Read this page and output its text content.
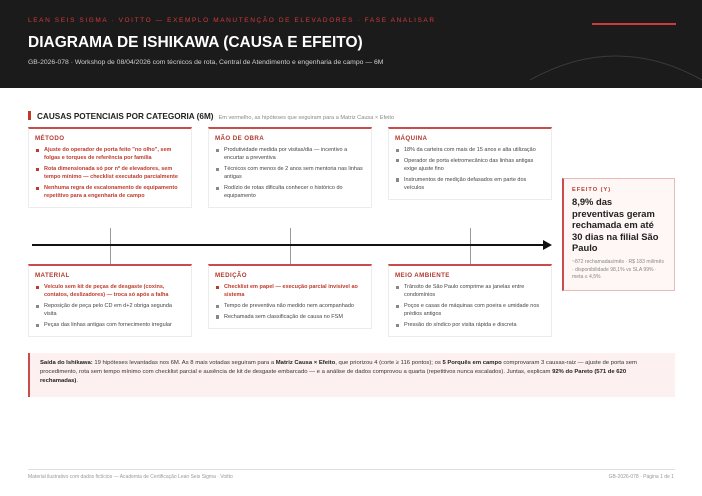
LEAN SEIS SIGMA · VOITTO — EXEMPLO MANUTENÇÃO DE ELEVADORES · FASE ANALISAR
DIAGRAMA DE ISHIKAWA (CAUSA E EFEITO)
GB-2026-078 · Workshop de 08/04/2026 com técnicos de rota, Central de Atendimento e engenharia de campo — 6M
CAUSAS POTENCIAIS POR CATEGORIA (6M) Em vermelho, as hipóteses que seguiram para a Matriz Causa × Efeito
MÉTODO
Ajuste do operador de porta feito "no olho", sem folgas e torques de referência por família
Rota dimensionada só por nº de elevadores, sem tempo mínimo — checklist executado parcialmente
Nenhuma regra de escalonamento de equipamento repetitivo para a engenharia de campo
MÃO DE OBRA
Produtividade medida por visitas/dia — incentivo a encurtar a preventiva
Técnicos com menos de 2 anos sem mentoria nas linhas antigas
Rodízio de rotas dificulta conhecer o histórico do equipamento
MÁQUINA
18% da carteira com mais de 15 anos e alta utilização
Operador de porta eletromecânico das linhas antigas exige ajuste fino
Instrumentos de medição defasados em parte dos veículos
MATERIAL
Veículo sem kit de peças de desgaste (coxins, contatos, deslizadores) — troca só após a falha
Reposição de peça pelo CD em d+2 obriga segunda visita
Peças das linhas antigas com fornecimento irregular
MEDIÇÃO
Checklist em papel — execução parcial invisível ao sistema
Tempo de preventiva não medido nem acompanhado
Rechamada sem classificação de causa no FSM
MEIO AMBIENTE
Trânsito de São Paulo comprime as janelas entre condomínios
Poços e casas de máquinas com poeira e umidade nos prédios antigos
Pressão do síndico por visita rápida e discreta
EFEITO (Y)
8,9% das preventivas geram rechamada em até 30 dias na filial São Paulo
~872 rechamadas/mês · R$ 183 mil/mês · disponibilidade 98,1% vs SLA 99% · meta ≤ 4,5%
Saída do Ishikawa: 19 hipóteses levantadas nos 6M. As 8 mais votadas seguiram para a Matriz Causa × Efeito, que priorizou 4 (corte ≥ 116 pontos); os 5 Porquês em campo comprovaram 3 causas-raiz — ajuste de porta sem procedimento, rota sem tempo mínimo com checklist parcial e ausência de kit de desgaste embarcado — e a análise de dados comprovou a quarta (repetitivos nunca escalados). Juntas, explicam 92% do Pareto (571 de 620 rechamadas).
Material ilustrativo com dados fictícios — Academia de Certificação Lean Seis Sigma · Voitto	GB-2026-078 · Página 1 de 1
